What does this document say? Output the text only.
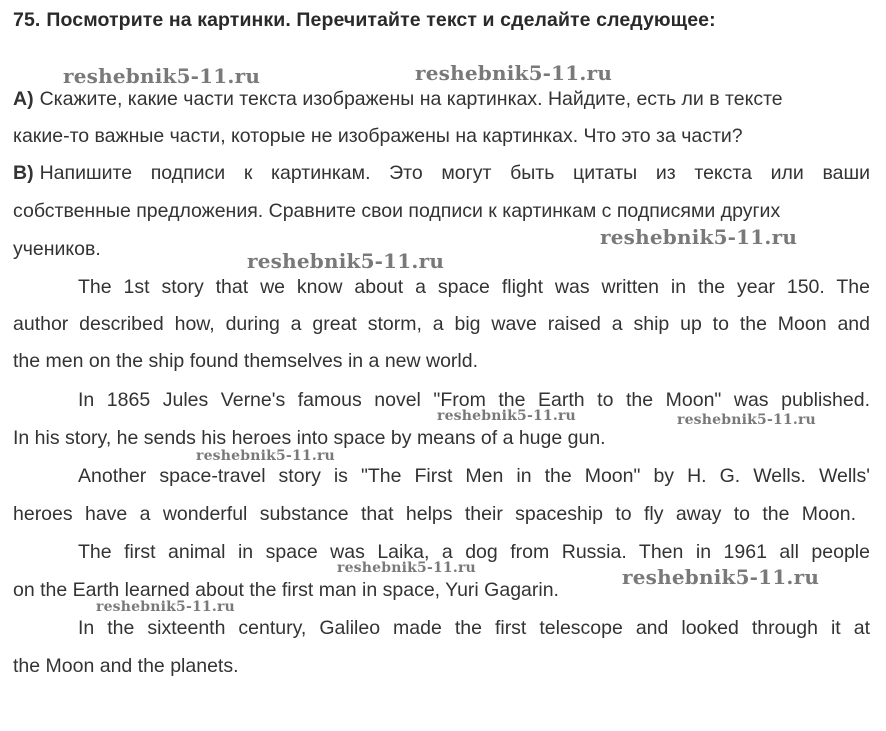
75. Посмотрите на картинки. Перечитайте текст и сделайте следующее:
А) Скажите, какие части текста изображены на картинках. Найдите, есть ли в тексте
какие-то важные части, которые не изображены на картинках. Что это за части?
В) Напишите подписи к картинкам. Это могут быть цитаты из текста или ваши
собственные предложения. Сравните свои подписи к картинкам с подписями других
учеников.
The 1st story that we know about a space flight was written in the year 150. The
author described how, during a great storm, a big wave raised a ship up to the Moon and
the men on the ship found themselves in a new world.
In 1865 Jules Verne's famous novel "From the Earth to the Moon" was published.
In his story, he sends his heroes into space by means of a huge gun.
Another space-travel story is "The First Men in the Moon" by H. G. Wells. Wells'
heroes have a wonderful substance that helps their spaceship to fly away to the Moon.
The first animal in space was Laika, a dog from Russia. Then in 1961 all people
on the Earth learned about the first man in space, Yuri Gagarin.
In the sixteenth century, Galileo made the first telescope and looked through it at
the Moon and the planets.
reshebnik5-11.ru	reshebnik5-11.ru
reshebnik5-11.ru
reshebnik5-11.ru
reshebnik5-11.ru	reshebnik5-11.ru
reshebnik5-11.ru
reshebnik5-11.ru	reshebnik5-11.ru
reshebnik5-11.ru
